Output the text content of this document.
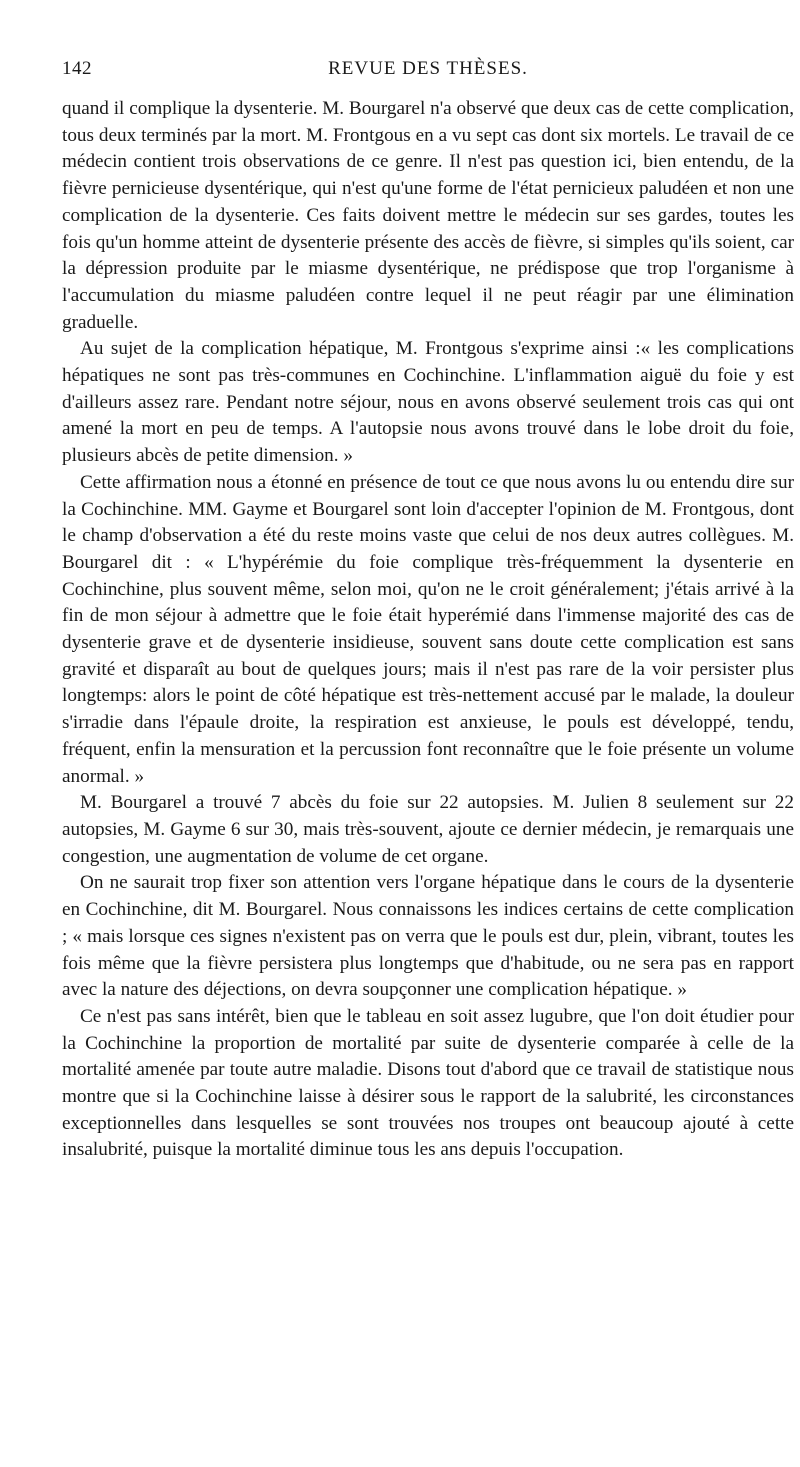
142	REVUE DES THÈSES.

quand il complique la dysenterie. M. Bourgarel n'a observé que deux cas de cette complication, tous deux terminés par la mort. M. Frontgous en a vu sept cas dont six mortels. Le travail de ce médecin contient trois observations de ce genre. Il n'est pas question ici, bien entendu, de la fièvre pernicieuse dysentérique, qui n'est qu'une forme de l'état pernicieux paludéen et non une complication de la dysenterie. Ces faits doivent mettre le médecin sur ses gardes, toutes les fois qu'un homme atteint de dysenterie présente des accès de fièvre, si simples qu'ils soient, car la dépression produite par le miasme dysentérique, ne prédispose que trop l'organisme à l'accumulation du miasme paludéen contre lequel il ne peut réagir par une élimination graduelle.

Au sujet de la complication hépatique, M. Frontgous s'exprime ainsi :« les complications hépatiques ne sont pas très-communes en Cochinchine. L'inflammation aiguë du foie y est d'ailleurs assez rare. Pendant notre séjour, nous en avons observé seulement trois cas qui ont amené la mort en peu de temps. A l'autopsie nous avons trouvé dans le lobe droit du foie, plusieurs abcès de petite dimension. »

Cette affirmation nous a étonné en présence de tout ce que nous avons lu ou entendu dire sur la Cochinchine. MM. Gayme et Bourgarel sont loin d'accepter l'opinion de M. Frontgous, dont le champ d'observation a été du reste moins vaste que celui de nos deux autres collègues. M. Bourgarel dit : « L'hypérémie du foie complique très-fréquemment la dysenterie en Cochinchine, plus souvent même, selon moi, qu'on ne le croit généralement; j'étais arrivé à la fin de mon séjour à admettre que le foie était hyperémié dans l'immense majorité des cas de dysenterie grave et de dysenterie insidieuse, souvent sans doute cette complication est sans gravité et disparaît au bout de quelques jours; mais il n'est pas rare de la voir persister plus longtemps: alors le point de côté hépatique est très-nettement accusé par le malade, la douleur s'irradie dans l'épaule droite, la respiration est anxieuse, le pouls est développé, tendu, fréquent, enfin la mensuration et la percussion font reconnaître que le foie présente un volume anormal. »

M. Bourgarel a trouvé 7 abcès du foie sur 22 autopsies. M. Julien 8 seulement sur 22 autopsies, M. Gayme 6 sur 30, mais très-souvent, ajoute ce dernier médecin, je remarquais une congestion, une augmentation de volume de cet organe.

On ne saurait trop fixer son attention vers l'organe hépatique dans le cours de la dysenterie en Cochinchine, dit M. Bourgarel. Nous connaissons les indices certains de cette complication ; « mais lorsque ces signes n'existent pas on verra que le pouls est dur, plein, vibrant, toutes les fois même que la fièvre persistera plus longtemps que d'habitude, ou ne sera pas en rapport avec la nature des déjections, on devra soupçonner une complication hépatique. »

Ce n'est pas sans intérêt, bien que le tableau en soit assez lugubre, que l'on doit étudier pour la Cochinchine la proportion de mortalité par suite de dysenterie comparée à celle de la mortalité amenée par toute autre maladie. Disons tout d'abord que ce travail de statistique nous montre que si la Cochinchine laisse à désirer sous le rapport de la salubrité, les circonstances exceptionnelles dans lesquelles se sont trouvées nos troupes ont beaucoup ajouté à cette insalubrité, puisque la mortalité diminue tous les ans depuis l'occupation.
